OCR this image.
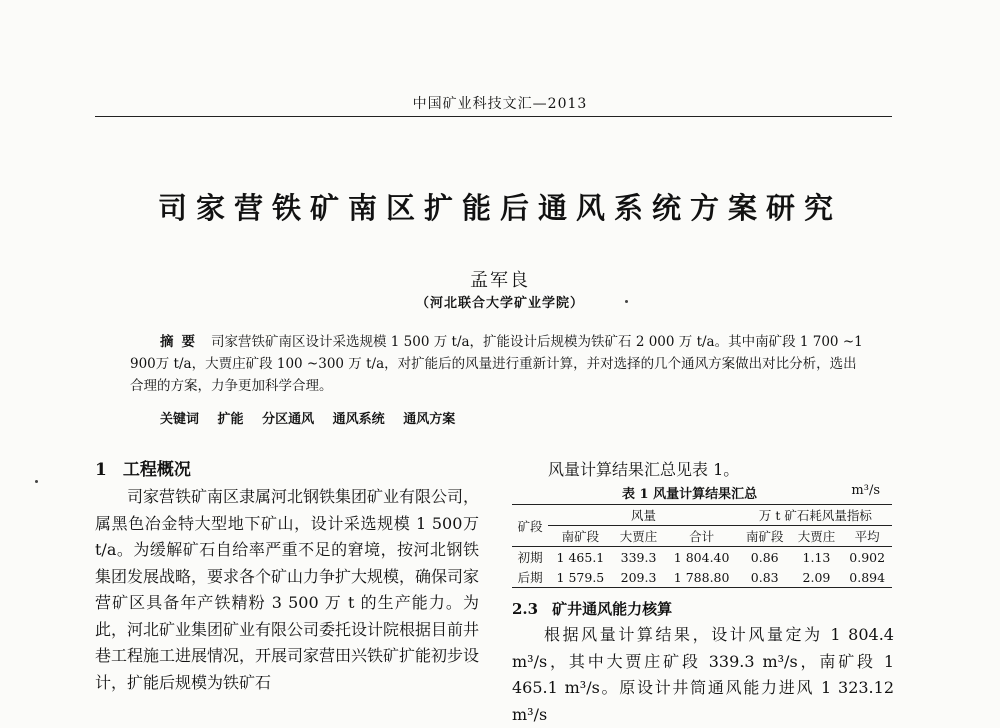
中国矿业科技文汇—2013
司家营铁矿南区扩能后通风系统方案研究
孟军良
（河北联合大学矿业学院）
摘要 司家营铁矿南区设计采选规模 1 500 万 t/a，扩能设计后规模为铁矿石 2 000 万 t/a。其中南矿段 1 700 ~1 900万 t/a，大贾庄矿段 100 ~300 万 t/a，对扩能后的风量进行重新计算，并对选择的几个通风方案做出对比分析，选出合理的方案，力争更加科学合理。
关键词 扩能 分区通风 通风系统 通风方案
1 工程概况
司家营铁矿南区隶属河北钢铁集团矿业有限公司，属黑色冶金特大型地下矿山，设计采选规模 1 500万 t/a。为缓解矿石自给率严重不足的窘境，按河北钢铁集团发展战略，要求各个矿山力争扩大规模，确保司家营矿区具备年产铁精粉 3 500 万 t 的生产能力。为此，河北矿业集团矿业有限公司委托设计院根据目前井巷工程施工进展情况，开展司家营田兴铁矿扩能初步设计，扩能后规模为铁矿石
风量计算结果汇总见表 1。
表 1 风量计算结果汇总	m³/s
矿段	风量			万 t 矿石耗风量指标		
	南矿段	大贾庄	合计	南矿段	大贾庄	平均
初期	1 465.1	339.3	1 804.40	0.86	1.13	0.902
后期	1 579.5	209.3	1 788.80	0.83	2.09	0.894
2.3 矿井通风能力核算
根据风量计算结果，设计风量定为 1 804.4 m³/s，其中大贾庄矿段 339.3 m³/s，南矿段 1 465.1 m³/s。原设计井筒通风能力进风 1 323.12 m³/s
